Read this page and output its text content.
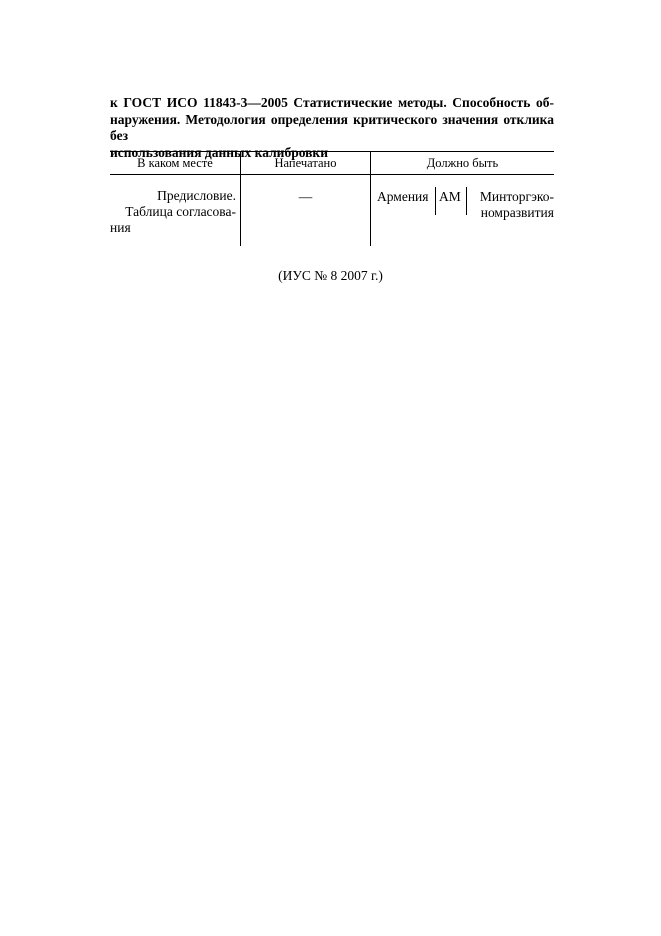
к ГОСТ ИСО 11843-3—2005 Статистические методы. Способность об-
наружения. Методология определения критического значения отклика без
использования данных калибровки
В каком месте	Напечатано	Должно быть
Предисловие.
Таблица согласова-
ния
—	Армения AM	Минторгэко-
номразвития
(ИУС № 8 2007 г.)
